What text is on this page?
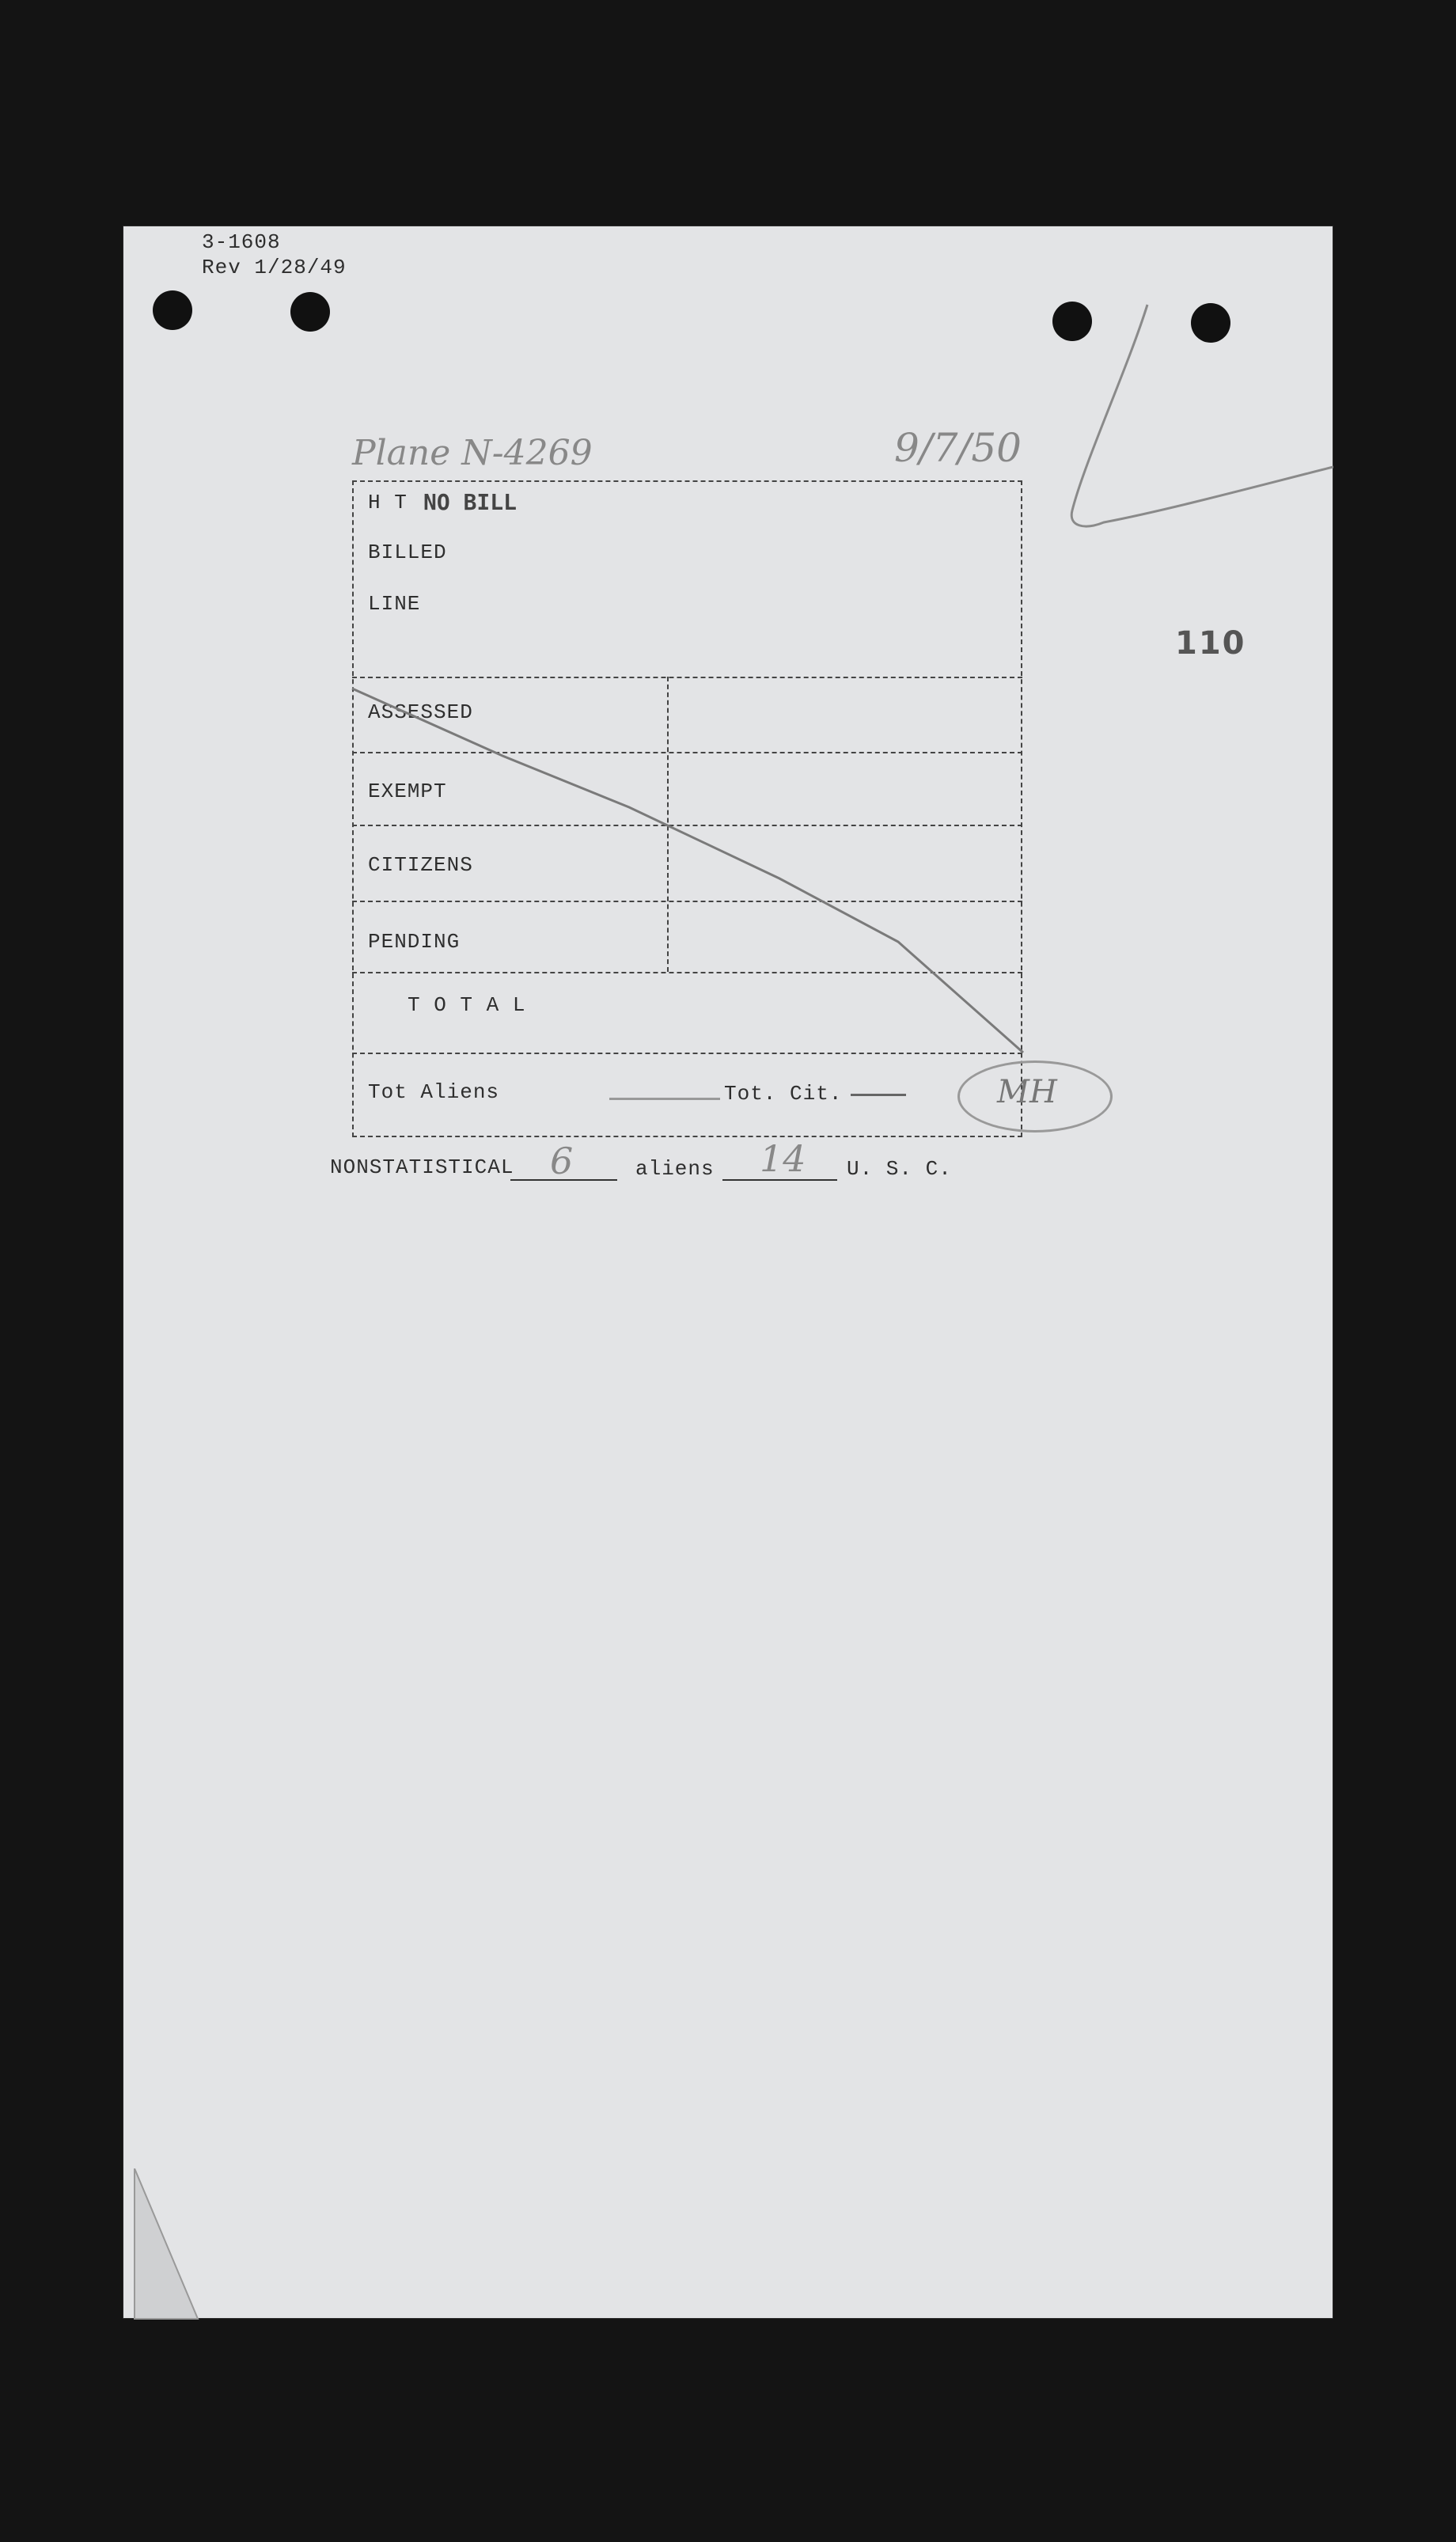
3-1608
Rev 1/28/49
Plane N-4269	9/7/50
110
H T NO BILL
BILLED
LINE
ASSESSED
EXEMPT
CITIZENS
PENDING
T O T A L
Tot Aliens	Tot. Cit.	MH
NONSTATISTICAL 6	aliens 14 U. S. C.
